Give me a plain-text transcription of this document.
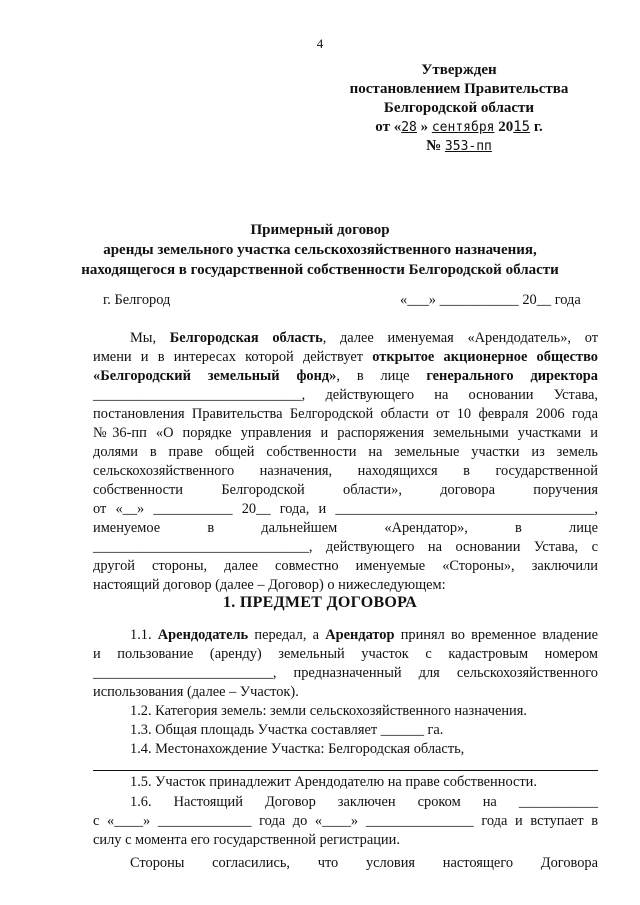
4
Утвержден
постановлением Правительства
Белгородской области
от «28 » сентября 2015 г.
№ 353-пп
Примерный договор
аренды земельного участка сельскохозяйственного назначения,
находящегося в государственной собственности Белгородской области
г. Белгород	«___» ___________ 20__ года
Мы, Белгородская область, далее именуемая «Арендодатель», от
имени и в интересах которой действует открытое акционерное общество
«Белгородский земельный фонд», в лице генерального директора
_____________________________, действующего на основании Устава,
постановления Правительства Белгородской области от 10 февраля 2006 года
№36-пп «О порядке управления и распоряжения земельными участками и
долями в праве общей собственности на земельные участки из земель
сельскохозяйственного назначения, находящихся в государственной
собственности Белгородской области», договора поручения
от «__» ___________ 20__ года, и ____________________________________,
именуемое в дальнейшем «Арендатор», в лице
______________________________, действующего на основании Устава, с
другой стороны, далее совместно именуемые «Стороны», заключили
настоящий договор (далее – Договор) о нижеследующем:
1. ПРЕДМЕТ ДОГОВОРА
1.1. Арендодатель передал, а Арендатор принял во временное владение
и пользование (аренду) земельный участок с кадастровым номером
_________________________, предназначенный для сельскохозяйственного
использования (далее – Участок).
1.2. Категория земель: земли сельскохозяйственного назначения.
1.3. Общая площадь Участка составляет ______ га.
1.4. Местонахождение Участка: Белгородская область,
1.5. Участок принадлежит Арендодателю на праве собственности.
1.6. Настоящий Договор заключен сроком на ___________
с «____» _____________ года до «____» _______________ года и вступает в
силу с момента его государственной регистрации.
Стороны согласились, что условия настоящего Договора
